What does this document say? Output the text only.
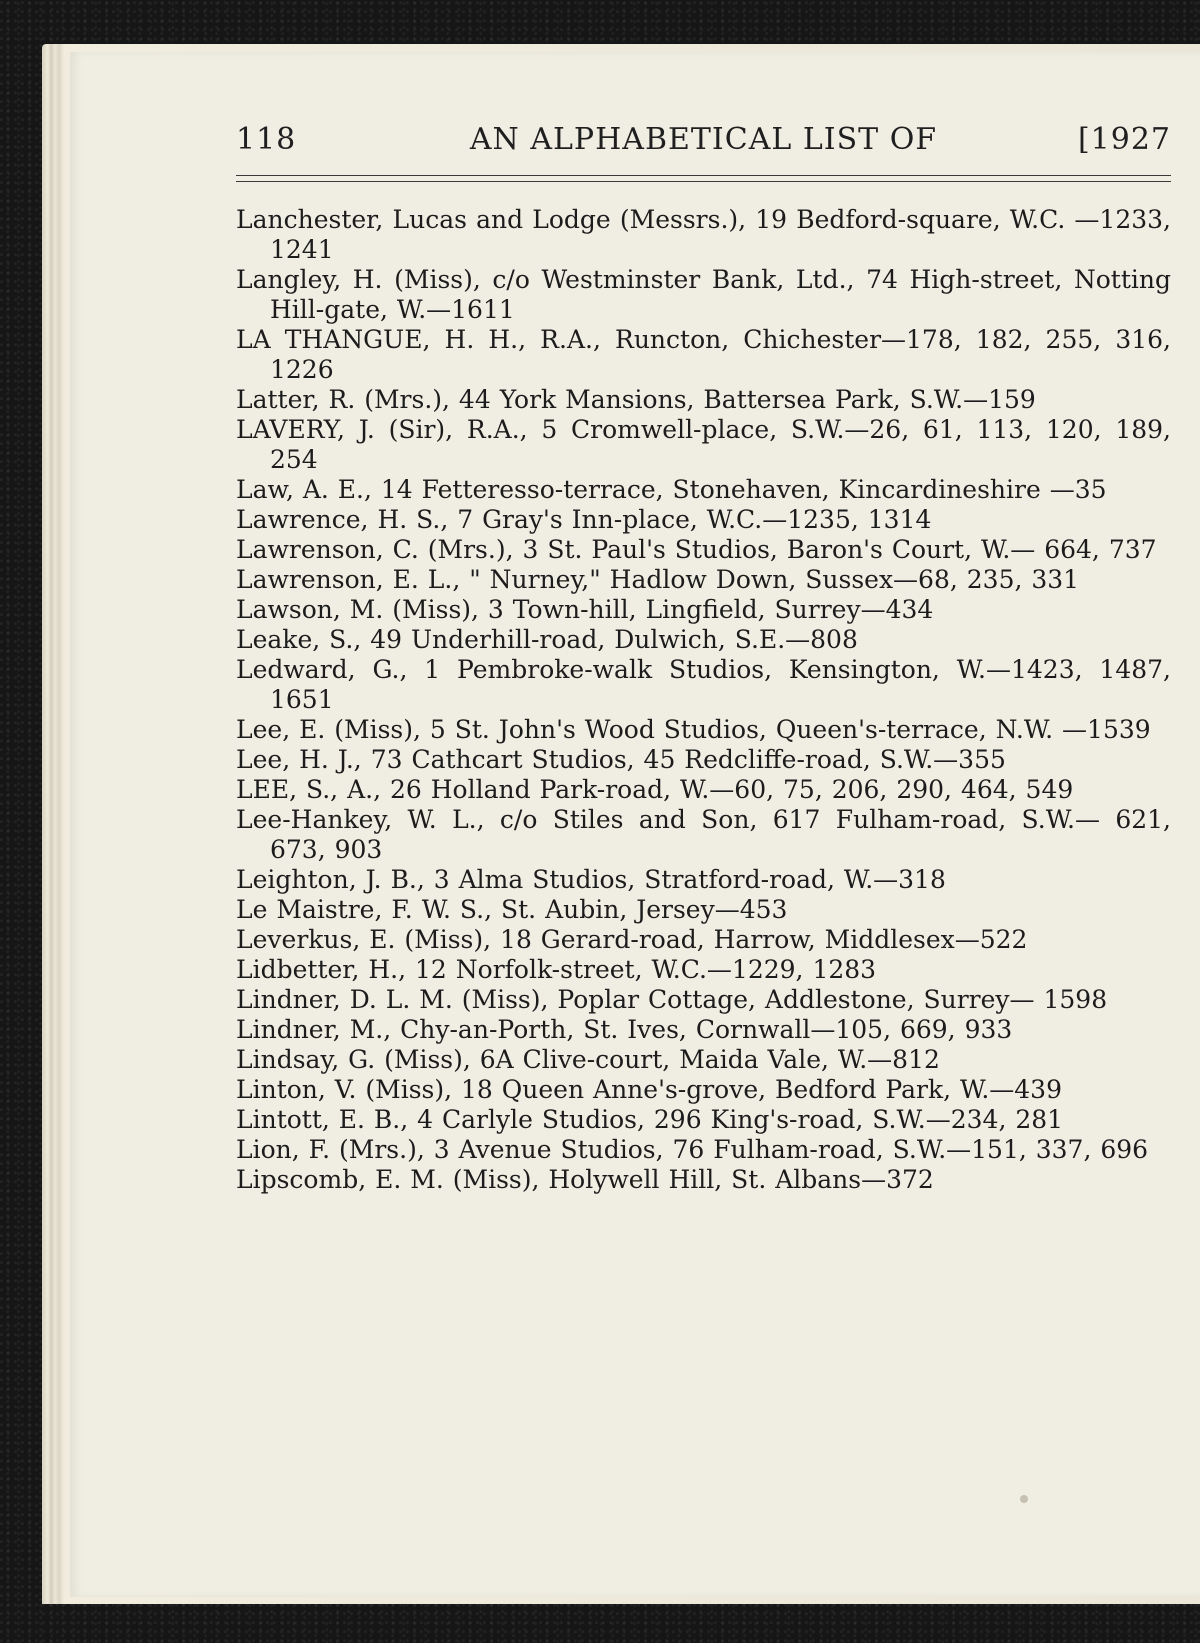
118	AN ALPHABETICAL LIST OF	[1927
Lanchester, Lucas and Lodge (Messrs.), 19 Bedford-square, W.C. —1233, 1241
Langley, H. (Miss), c/o Westminster Bank, Ltd., 74 High-street, Notting Hill-gate, W.—1611
LA THANGUE, H. H., R.A., Runcton, Chichester—178, 182, 255, 316, 1226
Latter, R. (Mrs.), 44 York Mansions, Battersea Park, S.W.—159
LAVERY, J. (Sir), R.A., 5 Cromwell-place, S.W.—26, 61, 113, 120, 189, 254
Law, A. E., 14 Fetteresso-terrace, Stonehaven, Kincardineshire —35
Lawrence, H. S., 7 Gray's Inn-place, W.C.—1235, 1314
Lawrenson, C. (Mrs.), 3 St. Paul's Studios, Baron's Court, W.— 664, 737
Lawrenson, E. L., " Nurney," Hadlow Down, Sussex—68, 235, 331
Lawson, M. (Miss), 3 Town-hill, Lingfield, Surrey—434
Leake, S., 49 Underhill-road, Dulwich, S.E.—808
Ledward, G., 1 Pembroke-walk Studios, Kensington, W.—1423, 1487, 1651
Lee, E. (Miss), 5 St. John's Wood Studios, Queen's-terrace, N.W. —1539
Lee, H. J., 73 Cathcart Studios, 45 Redcliffe-road, S.W.—355
LEE, S., A., 26 Holland Park-road, W.—60, 75, 206, 290, 464, 549
Lee-Hankey, W. L., c/o Stiles and Son, 617 Fulham-road, S.W.— 621, 673, 903
Leighton, J. B., 3 Alma Studios, Stratford-road, W.—318
Le Maistre, F. W. S., St. Aubin, Jersey—453
Leverkus, E. (Miss), 18 Gerard-road, Harrow, Middlesex—522
Lidbetter, H., 12 Norfolk-street, W.C.—1229, 1283
Lindner, D. L. M. (Miss), Poplar Cottage, Addlestone, Surrey— 1598
Lindner, M., Chy-an-Porth, St. Ives, Cornwall—105, 669, 933
Lindsay, G. (Miss), 6A Clive-court, Maida Vale, W.—812
Linton, V. (Miss), 18 Queen Anne's-grove, Bedford Park, W.—439
Lintott, E. B., 4 Carlyle Studios, 296 King's-road, S.W.—234, 281
Lion, F. (Mrs.), 3 Avenue Studios, 76 Fulham-road, S.W.—151, 337, 696
Lipscomb, E. M. (Miss), Holywell Hill, St. Albans—372
